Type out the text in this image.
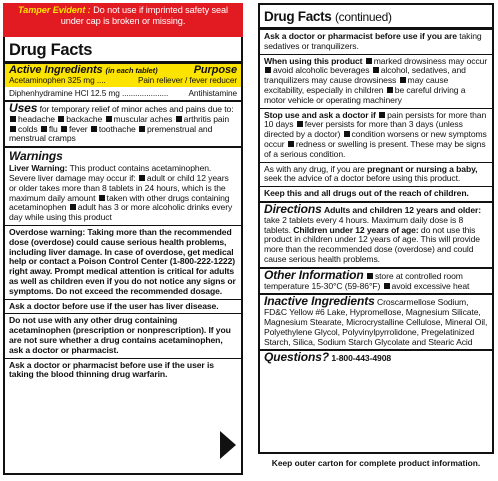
Tamper Evident : Do not use if imprinted safety seal under cap is broken or missing.
Drug Facts
Active Ingredients (in each tablet)	Purpose
Acetaminophen 325 mg ....	Pain reliever / fever reducer
Diphenhydramine HCl 12.5 mg ..................... Antihistamine
Uses for temporary relief of minor aches and pains due to: headache backache muscular aches arthritis pain colds flu fever toothache premenstrual and menstrual cramps
Warnings
Liver Warning: This product contains acetaminophen. Severe liver damage may occur if: adult or child 12 years or older takes more than 8 tablets in 24 hours, which is the maximum daily amount taken with other drugs containing acetaminophen adult has 3 or more alcoholic drinks every day while using this product
Overdose warning: Taking more than the recommended dose (overdose) could cause serious health problems, including liver damage. In case of overdose, get medical help or contact a Poison Control Center (1-800-222-1222) right away. Prompt medical attention is critical for adults as well as children even if you do not notice any signs or symptoms. Do not exceed the recommended dosage.
Ask a doctor before use if the user has liver disease.
Do not use with any other drug containing acetaminophen (prescription or nonprescription). If you are not sure whether a drug contains acetaminophen, ask a doctor or pharmacist.
Ask a doctor or pharmacist before use if the user is taking the blood thinning drug warfarin.
Drug Facts (continued)
Ask a doctor or pharmacist before use if you are taking sedatives or tranquilizers.
When using this product marked drowsiness may occur avoid alcoholic beverages alcohol, sedatives, and tranquilizers may cause drowsiness may cause excitability, especially in children be careful driving a motor vehicle or operating machinery
Stop use and ask a doctor if pain persists for more than 10 days fever persists for more than 3 days (unless directed by a doctor) condition worsens or new symptoms occur redness or swelling is present. These may be signs of a serious condition.
As with any drug, if you are pregnant or nursing a baby, seek the advice of a doctor before using this product.
Keep this and all drugs out of the reach of children.
Directions Adults and children 12 years and older: take 2 tablets every 4 hours. Maximum daily dose is 8 tablets. Children under 12 years of age: do not use this product in children under 12 years of age. This will provide more than the recommended dose (overdose) and could cause serious health problems.
Other Information store at controlled room temperature 15-30°C (59-86°F) avoid excessive heat
Inactive Ingredients Croscarmellose Sodium, FD&C Yellow #6 Lake, Hypromellose, Magnesium Silicate, Magnesium Stearate, Microcrystalline Cellulose, Mineral Oil, Polyethylene Glycol, Polyvinylpyrrolidone, Pregelatinized Starch, Silica, Sodium Starch Glycolate and Stearic Acid
Questions? 1-800-443-4908
Keep outer carton for complete product information.
